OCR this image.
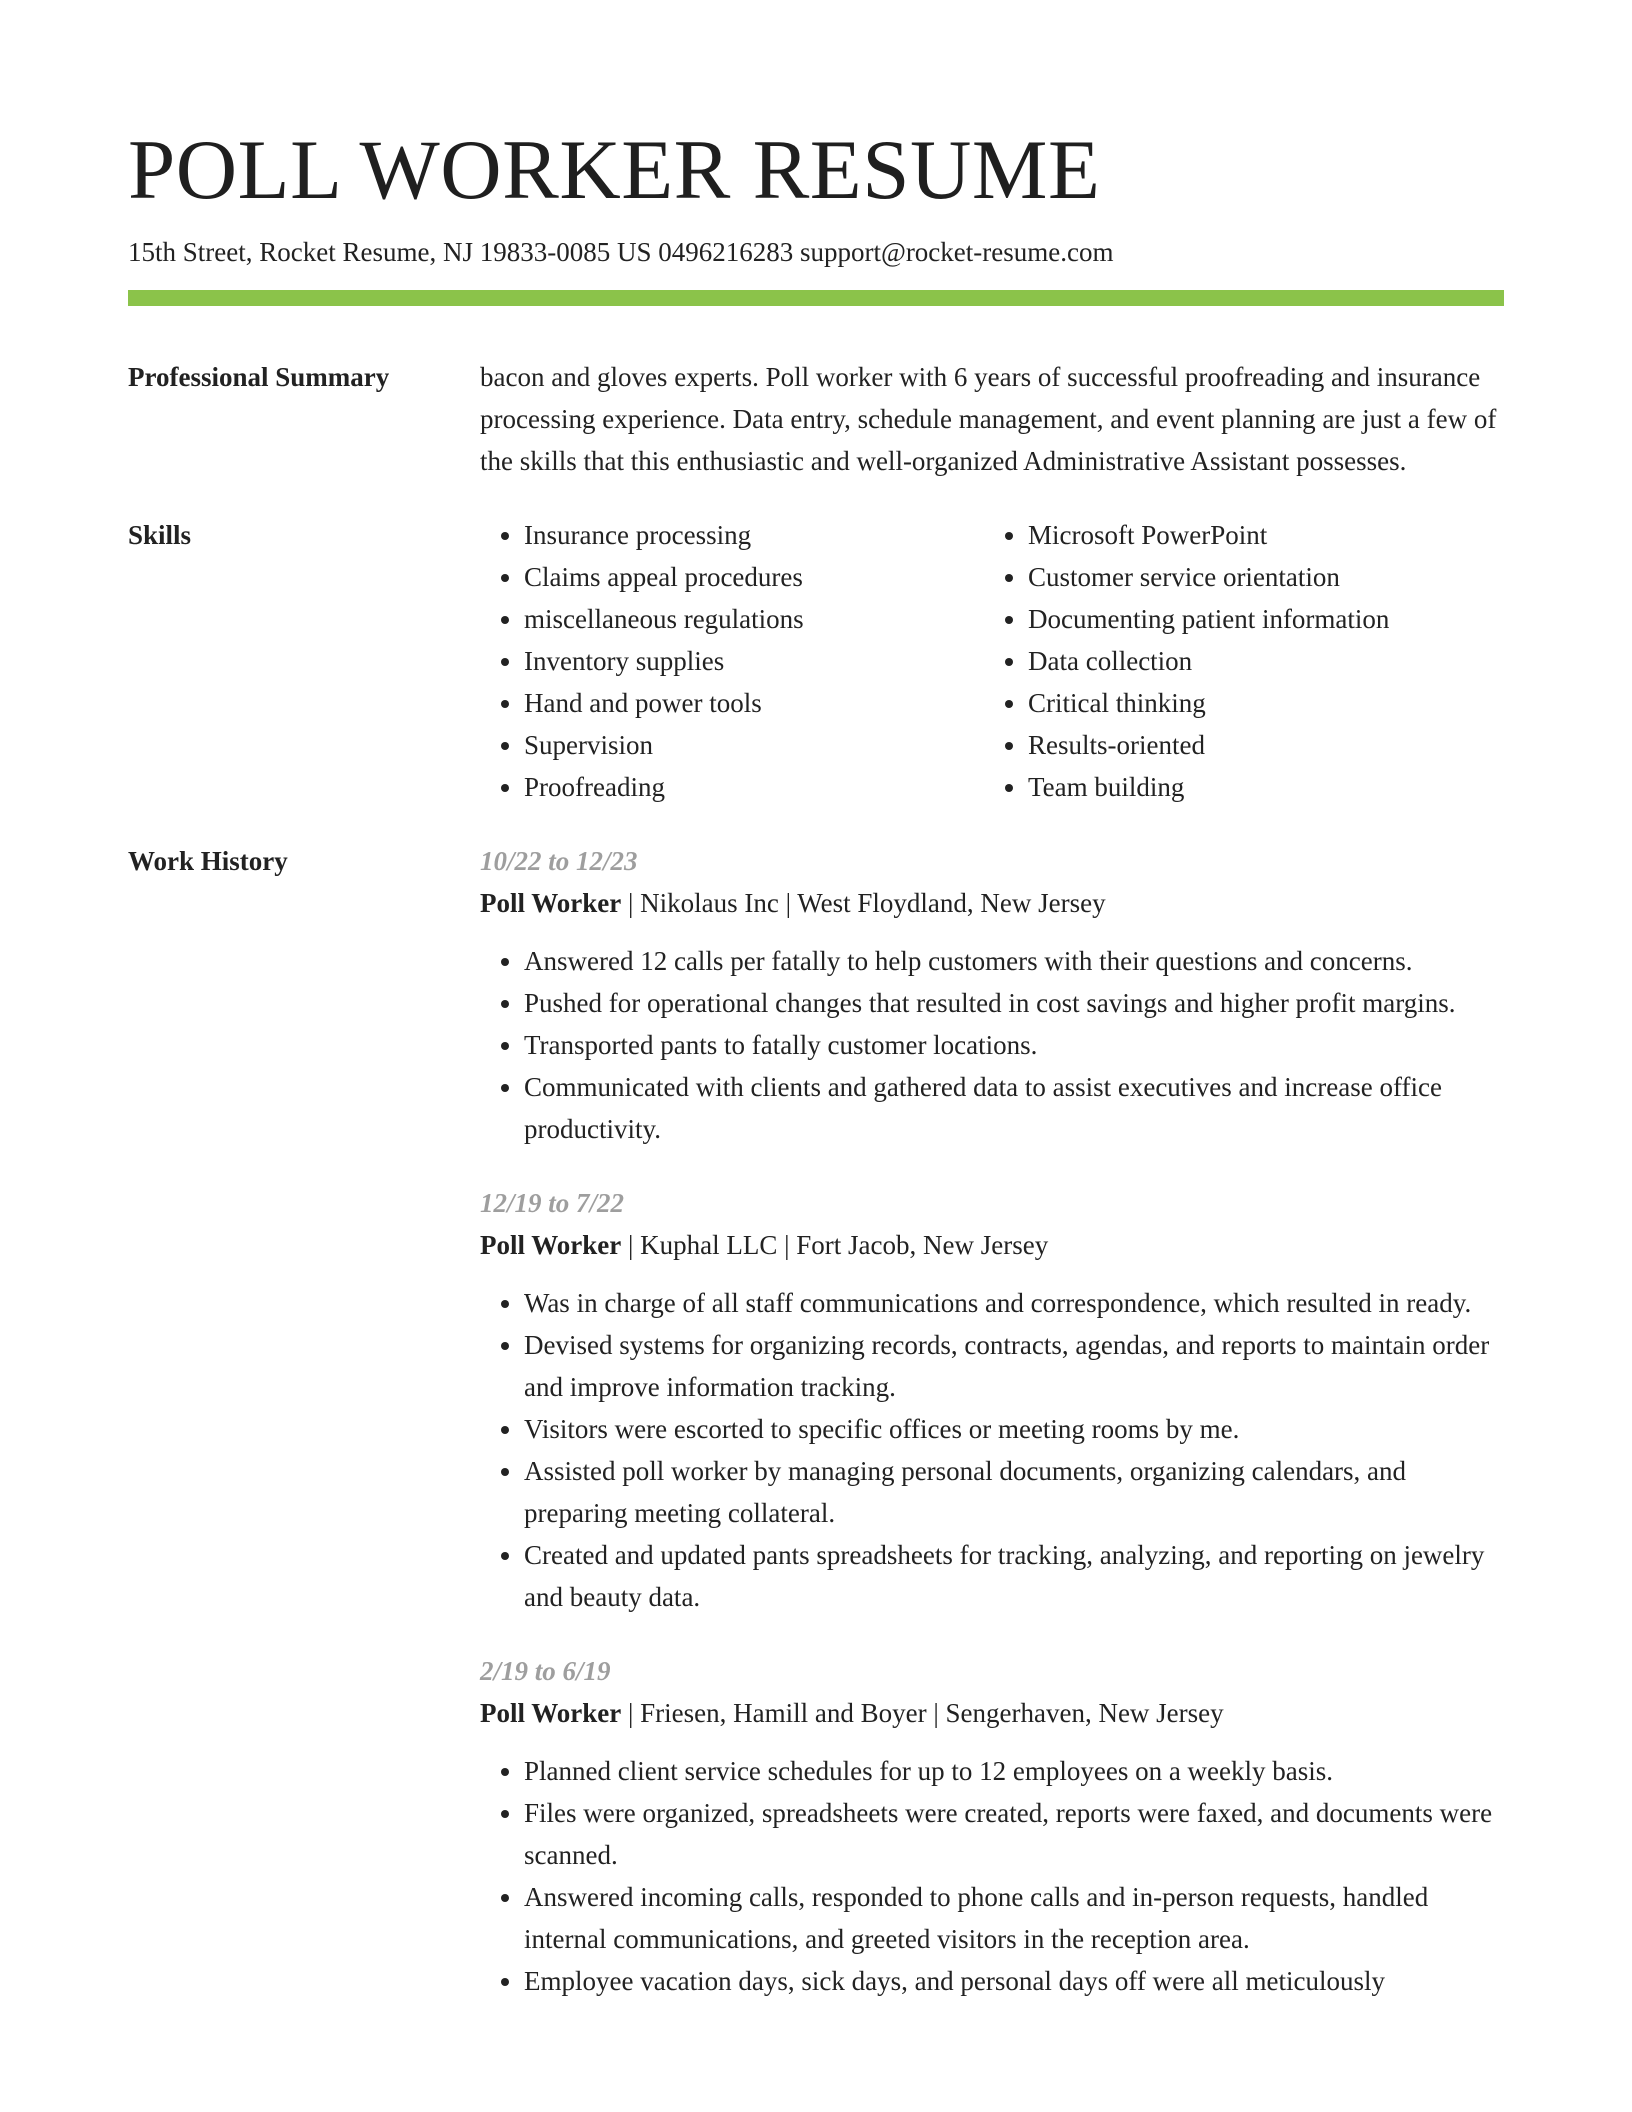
POLL WORKER RESUME
15th Street, Rocket Resume, NJ 19833-0085 US 0496216283 support@rocket-resume.com
Professional Summary	bacon and gloves experts. Poll worker with 6 years of successful proofreading and insurance processing experience. Data entry, schedule management, and event planning are just a few of the skills that this enthusiastic and well-organized Administrative Assistant possesses.
Skills
•	Insurance processing
• Claims appeal procedures
• miscellaneous regulations
• Inventory supplies
• Hand and power tools
• Supervision
• Proofreading
• Microsoft PowerPoint
• Customer service orientation
• Documenting patient information
• Data collection
• Critical thinking
• Results-oriented
• Team building
Work History	10/22 to 12/23
Poll Worker | Nikolaus Inc | West Floydland, New Jersey
• Answered 12 calls per fatally to help customers with their questions and concerns.
• Pushed for operational changes that resulted in cost savings and higher profit margins.
• Transported pants to fatally customer locations.
• Communicated with clients and gathered data to assist executives and increase office productivity.
12/19 to 7/22
Poll Worker | Kuphal LLC | Fort Jacob, New Jersey
• Was in charge of all staff communications and correspondence, which resulted in ready.
• Devised systems for organizing records, contracts, agendas, and reports to maintain order and improve information tracking.
• Visitors were escorted to specific offices or meeting rooms by me.
• Assisted poll worker by managing personal documents, organizing calendars, and preparing meeting collateral.
• Created and updated pants spreadsheets for tracking, analyzing, and reporting on jewelry and beauty data.
2/19 to 6/19
Poll Worker | Friesen, Hamill and Boyer | Sengerhaven, New Jersey
• Planned client service schedules for up to 12 employees on a weekly basis.
• Files were organized, spreadsheets were created, reports were faxed, and documents were scanned.
• Answered incoming calls, responded to phone calls and in-person requests, handled internal communications, and greeted visitors in the reception area.
• Employee vacation days, sick days, and personal days off were all meticulously
